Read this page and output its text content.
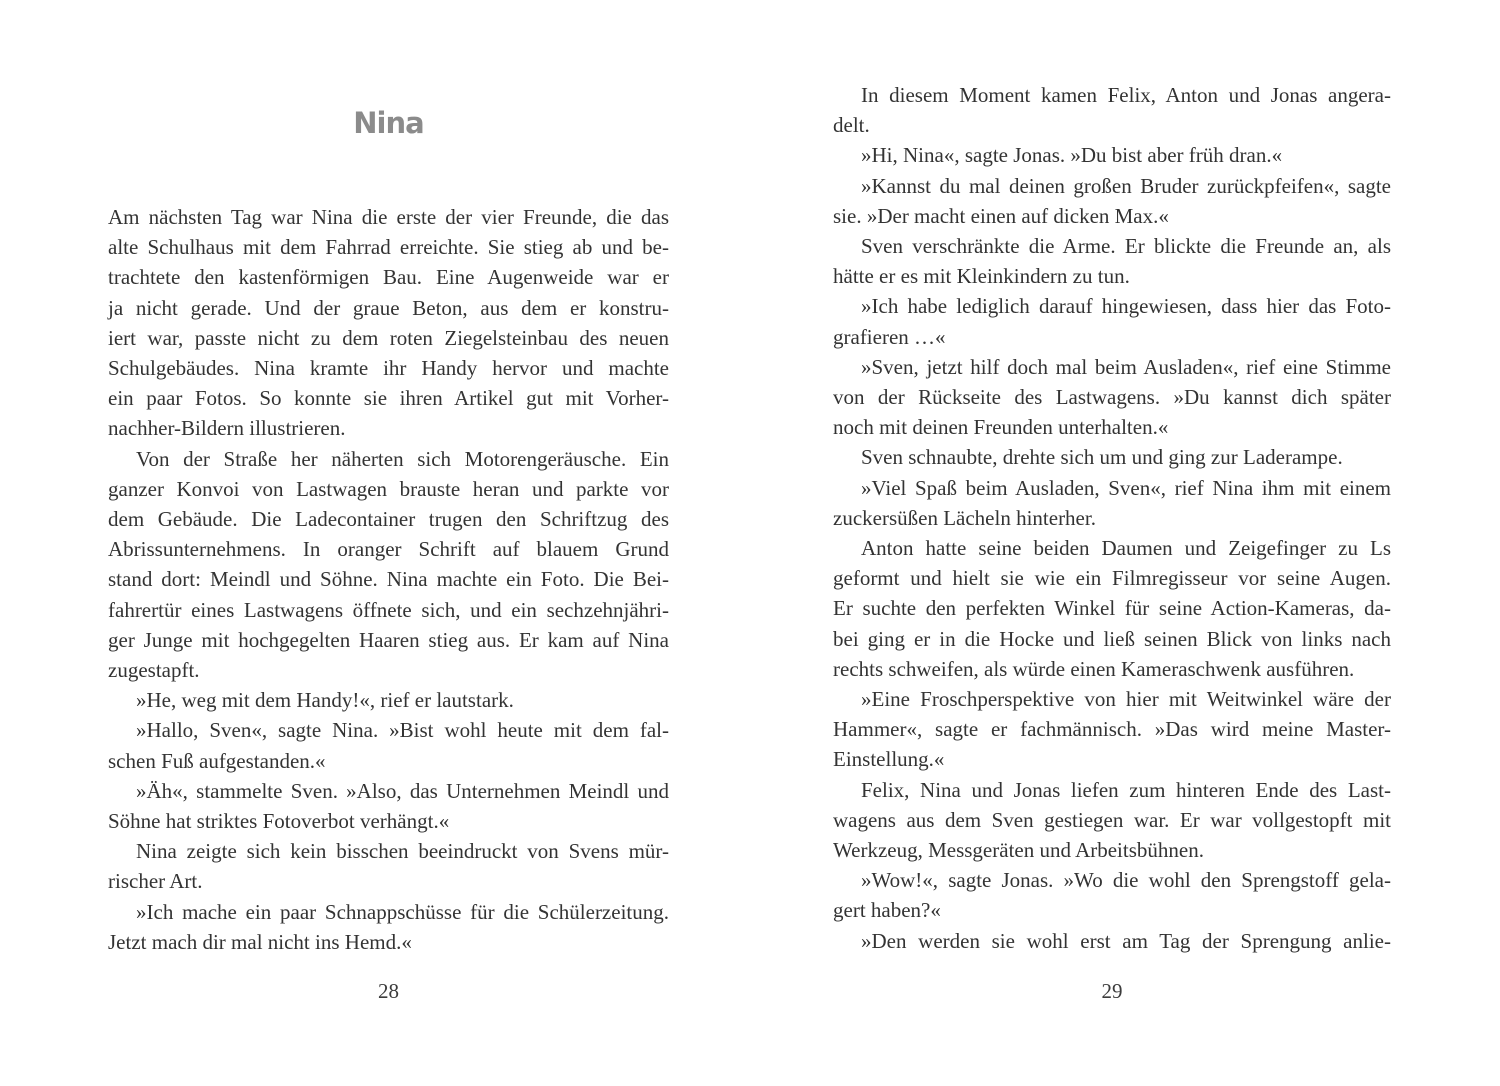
Nina
Am nächsten Tag war Nina die erste der vier Freunde, die das
alte Schulhaus mit dem Fahrrad erreichte. Sie stieg ab und be-
trachtete den kastenförmigen Bau. Eine Augenweide war er
ja nicht gerade. Und der graue Beton, aus dem er konstru-
iert war, passte nicht zu dem roten Ziegelsteinbau des neuen
Schulgebäudes. Nina kramte ihr Handy hervor und machte
ein paar Fotos. So konnte sie ihren Artikel gut mit Vorher-
nachher-Bildern illustrieren.
Von der Straße her näherten sich Motorengeräusche. Ein
ganzer Konvoi von Lastwagen brauste heran und parkte vor
dem Gebäude. Die Ladecontainer trugen den Schriftzug des
Abrissunternehmens. In oranger Schrift auf blauem Grund
stand dort: Meindl und Söhne. Nina machte ein Foto. Die Bei-
fahrertür eines Lastwagens öffnete sich, und ein sechzehnjähri-
ger Junge mit hochgegelten Haaren stieg aus. Er kam auf Nina
zugestapft.
»He, weg mit dem Handy!«, rief er lautstark.
»Hallo, Sven«, sagte Nina. »Bist wohl heute mit dem fal-
schen Fuß aufgestanden.«
»Äh«, stammelte Sven. »Also, das Unternehmen Meindl und
Söhne hat striktes Fotoverbot verhängt.«
Nina zeigte sich kein bisschen beeindruckt von Svens mür-
rischer Art.
»Ich mache ein paar Schnappschüsse für die Schülerzeitung.
Jetzt mach dir mal nicht ins Hemd.«
28
In diesem Moment kamen Felix, Anton und Jonas angera-
delt.
»Hi, Nina«, sagte Jonas. »Du bist aber früh dran.«
»Kannst du mal deinen großen Bruder zurückpfeifen«, sagte
sie. »Der macht einen auf dicken Max.«
Sven verschränkte die Arme. Er blickte die Freunde an, als
hätte er es mit Kleinkindern zu tun.
»Ich habe lediglich darauf hingewiesen, dass hier das Foto-
grafieren …«
»Sven, jetzt hilf doch mal beim Ausladen«, rief eine Stimme
von der Rückseite des Lastwagens. »Du kannst dich später
noch mit deinen Freunden unterhalten.«
Sven schnaubte, drehte sich um und ging zur Laderampe.
»Viel Spaß beim Ausladen, Sven«, rief Nina ihm mit einem
zuckersüßen Lächeln hinterher.
Anton hatte seine beiden Daumen und Zeigefinger zu Ls
geformt und hielt sie wie ein Filmregisseur vor seine Augen.
Er suchte den perfekten Winkel für seine Action-Kameras, da-
bei ging er in die Hocke und ließ seinen Blick von links nach
rechts schweifen, als würde einen Kameraschwenk ausführen.
»Eine Froschperspektive von hier mit Weitwinkel wäre der
Hammer«, sagte er fachmännisch. »Das wird meine Master-
Einstellung.«
Felix, Nina und Jonas liefen zum hinteren Ende des Last-
wagens aus dem Sven gestiegen war. Er war vollgestopft mit
Werkzeug, Messgeräten und Arbeitsbühnen.
»Wow!«, sagte Jonas. »Wo die wohl den Sprengstoff gela-
gert haben?«
»Den werden sie wohl erst am Tag der Sprengung anlie-
29
